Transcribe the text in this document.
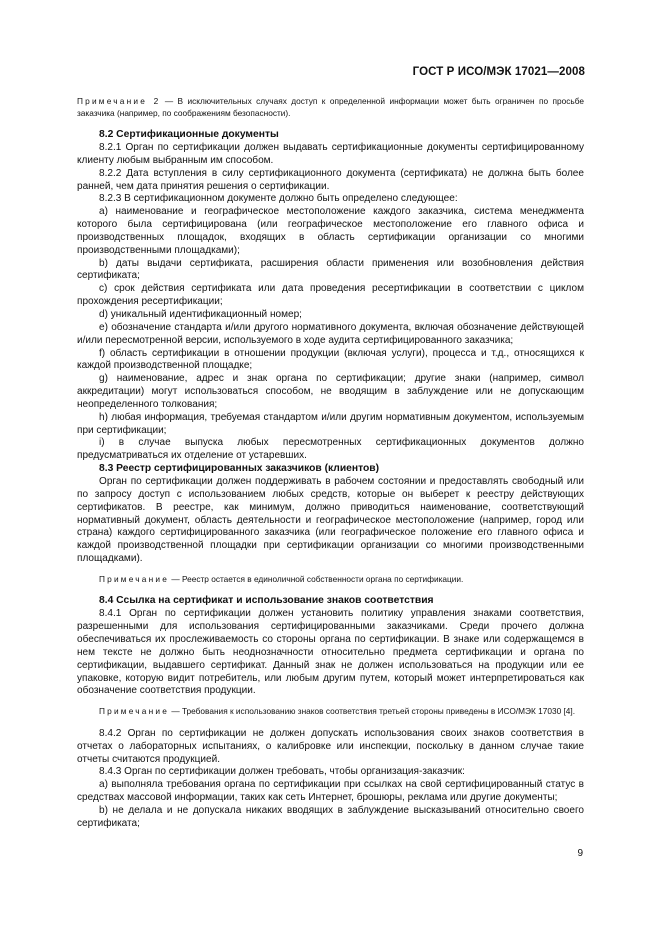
ГОСТ Р ИСО/МЭК 17021—2008

Примечание 2 — В исключительных случаях доступ к определенной информации может быть ограничен по просьбе заказчика (например, по соображениям безопасности).

8.2 Сертификационные документы

8.2.1 Орган по сертификации должен выдавать сертификационные документы сертифицированному клиенту любым выбранным им способом.

8.2.2 Дата вступления в силу сертификационного документа (сертификата) не должна быть более ранней, чем дата принятия решения о сертификации.

8.2.3 В сертификационном документе должно быть определено следующее:

а) наименование и географическое местоположение каждого заказчика, система менеджмента которого была сертифицирована (или географическое местоположение его главного офиса и производственных площадок, входящих в область сертификации организации со многими производственными площадками);

b) даты выдачи сертификата, расширения области применения или возобновления действия сертификата;

с) срок действия сертификата или дата проведения ресертификации в соответствии с циклом прохождения ресертификации;

d) уникальный идентификационный номер;

е) обозначение стандарта и/или другого нормативного документа, включая обозначение действующей и/или пересмотренной версии, используемого в ходе аудита сертифицированного заказчика;

f) область сертификации в отношении продукции (включая услуги), процесса и т.д., относящихся к каждой производственной площадке;

g) наименование, адрес и знак органа по сертификации; другие знаки (например, символ аккредитации) могут использоваться способом, не вводящим в заблуждение или не допускающим неопределенного толкования;

h) любая информация, требуемая стандартом и/или другим нормативным документом, используемым при сертификации;

i) в случае выпуска любых пересмотренных сертификационных документов должно предусматриваться их отделение от устаревших.

8.3 Реестр сертифицированных заказчиков (клиентов)

Орган по сертификации должен поддерживать в рабочем состоянии и предоставлять свободный или по запросу доступ с использованием любых средств, которые он выберет к реестру действующих сертификатов. В реестре, как минимум, должно приводиться наименование, соответствующий нормативный документ, область деятельности и географическое местоположение (например, город или страна) каждого сертифицированного заказчика (или географическое положение его главного офиса и каждой производственной площадки при сертификации организации со многими производственными площадками).

Примечание — Реестр остается в единоличной собственности органа по сертификации.

8.4 Ссылка на сертификат и использование знаков соответствия

8.4.1 Орган по сертификации должен установить политику управления знаками соответствия, разрешенными для использования сертифицированными заказчиками. Среди прочего должна обеспечиваться их прослеживаемость со стороны органа по сертификации. В знаке или содержащемся в нем тексте не должно быть неоднозначности относительно предмета сертификации и органа по сертификации, выдавшего сертификат. Данный знак не должен использоваться на продукции или ее упаковке, которую видит потребитель, или любым другим путем, который может интерпретироваться как обозначение соответствия продукции.

Примечание — Требования к использованию знаков соответствия третьей стороны приведены в ИСО/МЭК 17030 [4].

8.4.2 Орган по сертификации не должен допускать использования своих знаков соответствия в отчетах о лабораторных испытаниях, о калибровке или инспекции, поскольку в данном случае такие отчеты считаются продукцией.

8.4.3 Орган по сертификации должен требовать, чтобы организация-заказчик:

а) выполняла требования органа по сертификации при ссылках на свой сертифицированный статус в средствах массовой информации, таких как сеть Интернет, брошюры, реклама или другие документы;

b) не делала и не допускала никаких вводящих в заблуждение высказываний относительно своего сертификата;

9
